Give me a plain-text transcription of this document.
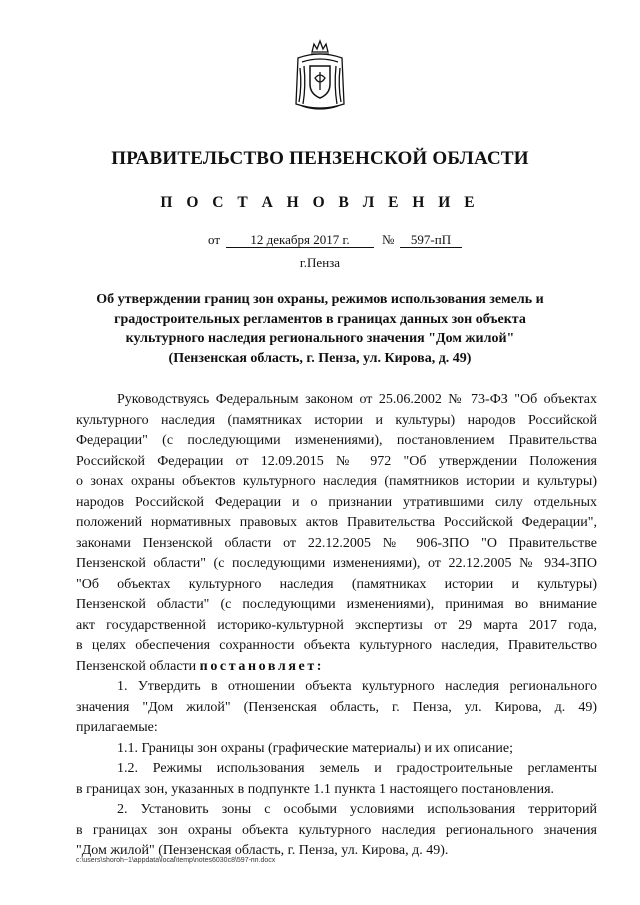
ПРАВИТЕЛЬСТВО ПЕНЗЕНСКОЙ ОБЛАСТИ
П О С Т А Н О В Л Е Н И Е
от	12 декабря 2017 г.	№	597-пП
г.Пенза
Об утверждении границ зон охраны, режимов использования земель и
градостроительных регламентов в границах данных зон объекта
культурного наследия регионального значения "Дом жилой"
(Пензенская область, г. Пенза, ул. Кирова, д. 49)
Руководствуясь Федеральным законом от 25.06.2002 № 73-ФЗ "Об объектах
культурного наследия (памятниках истории и культуры) народов Российской
Федерации" (с последующими изменениями), постановлением Правительства
Российской Федерации от 12.09.2015 № 972 "Об утверждении Положения
о зонах охраны объектов культурного наследия (памятников истории и культуры)
народов Российской Федерации и о признании утратившими силу отдельных
положений нормативных правовых актов Правительства Российской Федерации",
законами Пензенской области от 22.12.2005 № 906-ЗПО "О Правительстве
Пензенской области" (с последующими изменениями), от 22.12.2005 № 934-ЗПО
"Об объектах культурного наследия (памятниках истории и культуры)
Пензенской области" (с последующими изменениями), принимая во внимание
акт государственной историко-культурной экспертизы от 29 марта 2017 года,
в целях обеспечения сохранности объекта культурного наследия, Правительство
Пензенской области постановляет:
1. Утвердить в отношении объекта культурного наследия регионального
значения "Дом жилой" (Пензенская область, г. Пенза, ул. Кирова, д. 49)
прилагаемые:
1.1. Границы зон охраны (графические материалы) и их описание;
1.2. Режимы использования земель и градостроительные регламенты
в границах зон, указанных в подпункте 1.1 пункта 1 настоящего постановления.
2. Установить зоны с особыми условиями использования территорий
в границах зон охраны объекта культурного наследия регионального значения
"Дом жилой" (Пензенская область, г. Пенза, ул. Кирова, д. 49).
c:\users\shoroh~1\appdata\local\temp\notes6030c8\597-пп.docx
